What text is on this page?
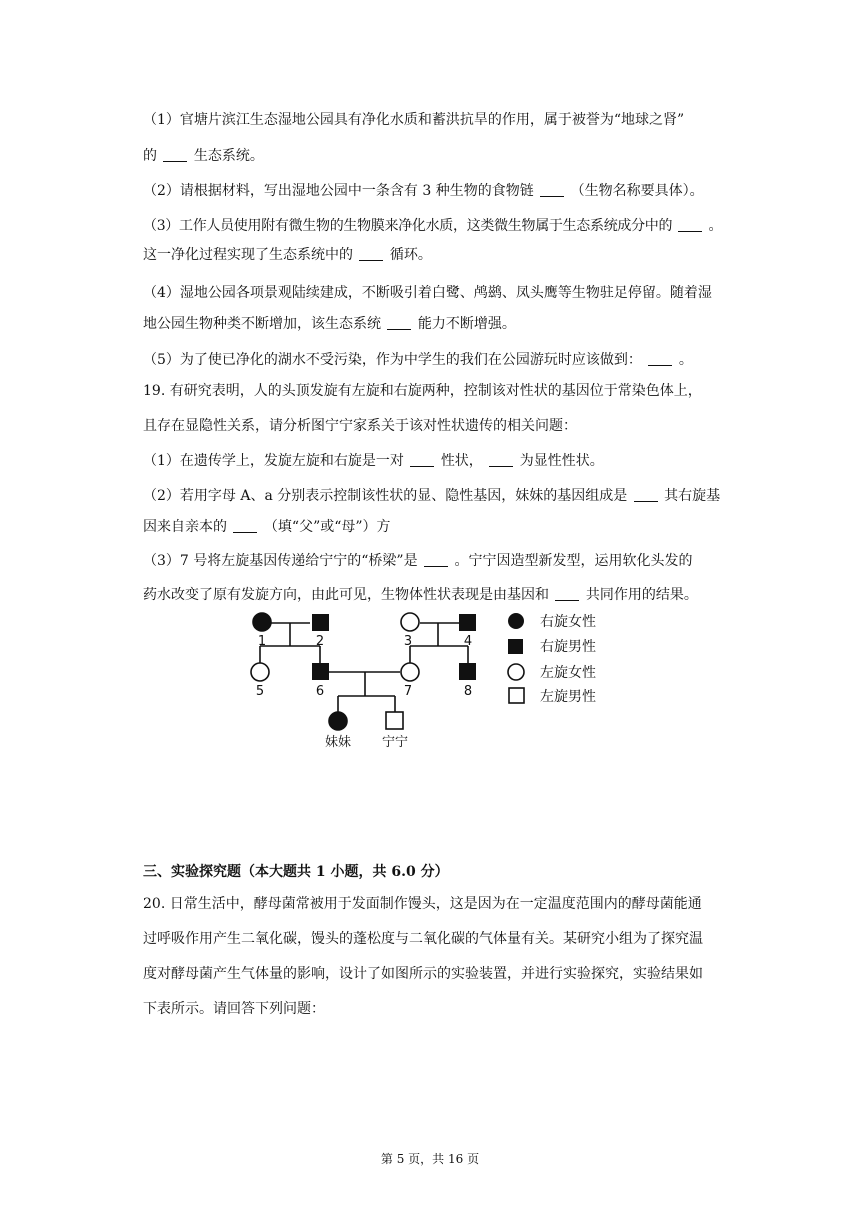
（1）官塘片滨江生态湿地公园具有净化水质和蓄洪抗旱的作用，属于被誉为“地球之肾”
的	生态系统。
（2）请根据材料，写出湿地公园中一条含有 3 种生物的食物链	（生物名称要具体）。
（3）工作人员使用附有微生物的生物膜来净化水质，这类微生物属于生态系统成分中的	。
这一净化过程实现了生态系统中的	循环。
（4）湿地公园各项景观陆续建成，不断吸引着白鹭、鸬鹚、凤头鹰等生物驻足停留。随着湿
地公园生物种类不断增加，该生态系统	能力不断增强。
（5）为了使已净化的湖水不受污染，作为中学生的我们在公园游玩时应该做到：	。
19. 有研究表明，人的头顶发旋有左旋和右旋两种，控制该对性状的基因位于常染色体上，
且存在显隐性关系，请分析图宁宁家系关于该对性状遗传的相关问题：
（1）在遗传学上，发旋左旋和右旋是一对	性状，	为显性性状。
（2）若用字母 A、a 分别表示控制该性状的显、隐性基因，妹妹的基因组成是	其右旋基
因来自亲本的	（填“父”或“母”）方
（3）7 号将左旋基因传递给宁宁的“桥梁”是	。宁宁因造型新发型，运用软化头发的
药水改变了原有发旋方向，由此可见，生物体性状表现是由基因和	共同作用的结果。
1	2	3	4
5	6	7	8
妹妹 宁宁
右旋女性
右旋男性
左旋女性
左旋男性
三、实验探究题（本大题共 1 小题，共 6.0 分）
20. 日常生活中，酵母菌常被用于发面制作馒头，这是因为在一定温度范围内的酵母菌能通
过呼吸作用产生二氧化碳，馒头的蓬松度与二氧化碳的气体量有关。某研究小组为了探究温
度对酵母菌产生气体量的影响，设计了如图所示的实验装置，并进行实验探究，实验结果如
下表所示。请回答下列问题：
第 5 页，共 16 页
